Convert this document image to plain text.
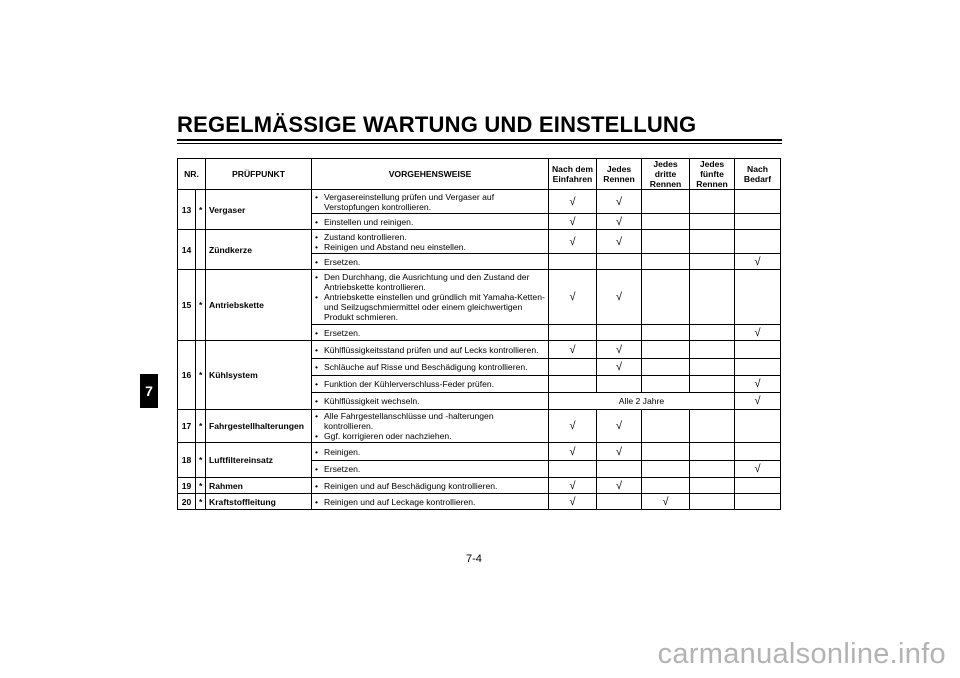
REGELMÄSSIGE WARTUNG UND EINSTELLUNG
7
NR.		PRÜFPUNKT	VORGEHENSWEISE	Nach dem Einfahren	Jedes Rennen	Jedes dritte Rennen	Jedes fünfte Rennen	Nach Bedarf
13	*	Vergaser	• Vergasereinstellung prüfen und Vergaser auf Verstopfungen kontrollieren.	√	√			

			• Einstellen und reinigen.	√	√			
14		Zündkerze	• Zustand kontrollieren.
• Reinigen und Abstand neu einstellen.	√	√			

			• Ersetzen.					√
15	*	Antriebskette	• Den Durchhang, die Ausrichtung und den Zustand der Antriebskette kontrollieren.
• Antriebskette einstellen und gründlich mit Yamaha-Ketten- und Seilzugschmiermittel oder einem gleichwertigen Produkt schmieren.	√	√			

			• Ersetzen.					√
16	*	Kühlsystem	• Kühlflüssigkeitsstand prüfen und auf Lecks kontrollieren.	√	√			

			• Schläuche auf Risse und Beschädigung kontrollieren.		√			

			• Funktion der Kühlerverschluss-Feder prüfen.					√

			• Kühlflüssigkeit wechseln.	Alle 2 Jahre				√
17	*	Fahrgestellhalterungen	• Alle Fahrgestellanschlüsse und -halterungen kontrollieren.
• Ggf. korrigieren oder nachziehen.	√	√			
18	*	Luftfiltereinsatz	• Reinigen.	√	√			

			• Ersetzen.					√
19	*	Rahmen	• Reinigen und auf Beschädigung kontrollieren.	√	√			
20	*	Kraftstoffleitung	• Reinigen und auf Leckage kontrollieren.	√		√		
7-4
carmanualsonline.info
